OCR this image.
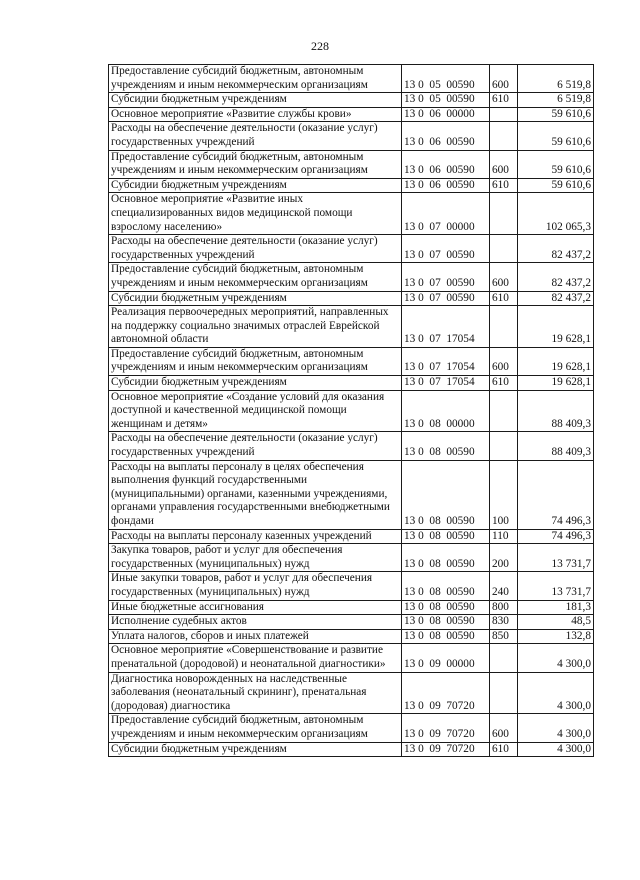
228
Предоставление субсидий бюджетным, автономным учреждениям и иным некоммерческим организациям	13 0  05  00590	600	6 519,8
Субсидии бюджетным учреждениям	13 0  05  00590	610	6 519,8
Основное мероприятие «Развитие службы крови»	13 0  06  00000		59 610,6
Расходы на обеспечение деятельности (оказание услуг) государственных учреждений	13 0  06  00590		59 610,6
Предоставление субсидий бюджетным, автономным учреждениям и иным некоммерческим организациям	13 0  06  00590	600	59 610,6
Субсидии бюджетным учреждениям	13 0  06  00590	610	59 610,6
Основное мероприятие «Развитие иных специализированных видов медицинской помощи взрослому населению»	13 0  07  00000		102 065,3
Расходы на обеспечение деятельности (оказание услуг) государственных учреждений	13 0  07  00590		82 437,2
Предоставление субсидий бюджетным, автономным учреждениям и иным некоммерческим организациям	13 0  07  00590	600	82 437,2
Субсидии бюджетным учреждениям	13 0  07  00590	610	82 437,2
Реализация первоочередных мероприятий, направленных на поддержку социально значимых отраслей Еврейской автономной области	13 0  07  17054		19 628,1
Предоставление субсидий бюджетным, автономным учреждениям и иным некоммерческим организациям	13 0  07  17054	600	19 628,1
Субсидии бюджетным учреждениям	13 0  07  17054	610	19 628,1
Основное мероприятие «Создание условий для оказания доступной и качественной медицинской помощи женщинам и детям»	13 0  08  00000		88 409,3
Расходы на обеспечение деятельности (оказание услуг) государственных учреждений	13 0  08  00590		88 409,3
Расходы на выплаты персоналу в целях обеспечения выполнения функций государственными (муниципальными) органами, казенными учреждениями, органами управления государственными внебюджетными фондами	13 0  08  00590	100	74 496,3
Расходы на выплаты персоналу казенных учреждений	13 0  08  00590	110	74 496,3
Закупка товаров, работ и услуг для обеспечения государственных (муниципальных) нужд	13 0  08  00590	200	13 731,7
Иные закупки товаров, работ и услуг для обеспечения государственных (муниципальных) нужд	13 0  08  00590	240	13 731,7
Иные бюджетные ассигнования	13 0  08  00590	800	181,3
Исполнение судебных актов	13 0  08  00590	830	48,5
Уплата налогов, сборов и иных платежей	13 0  08  00590	850	132,8
Основное мероприятие «Совершенствование и развитие пренатальной (дородовой) и неонатальной диагностики»	13 0  09  00000		4 300,0
Диагностика новорожденных на наследственные заболевания (неонатальный скрининг), пренатальная (дородовая) диагностика	13 0  09  70720		4 300,0
Предоставление субсидий бюджетным, автономным учреждениям и иным некоммерческим организациям	13 0  09  70720	600	4 300,0
Субсидии бюджетным учреждениям	13 0  09  70720	610	4 300,0
